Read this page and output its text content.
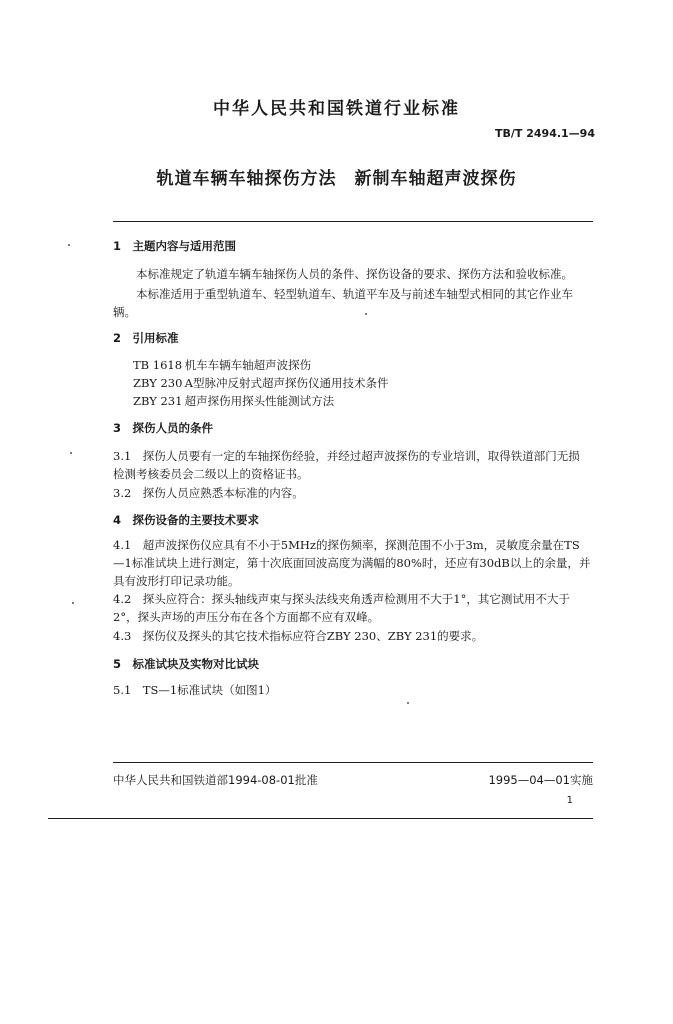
中华人民共和国铁道行业标准
TB/T 2494.1—94
轨道车辆车轴探伤方法　新制车轴超声波探伤
1　主题内容与适用范围
本标准规定了轨道车辆车轴探伤人员的条件、探伤设备的要求、探伤方法和验收标准。
本标准适用于重型轨道车、轻型轨道车、轨道平车及与前述车轴型式相同的其它作业车辆。
2　引用标准
TB 1618 机车车辆车轴超声波探伤
ZBY 230 A型脉冲反射式超声探伤仪通用技术条件
ZBY 231 超声探伤用探头性能测试方法
3　探伤人员的条件
3.1　探伤人员要有一定的车轴探伤经验，并经过超声波探伤的专业培训，取得铁道部门无损检测考核委员会二级以上的资格证书。
3.2　探伤人员应熟悉本标准的内容。
4　探伤设备的主要技术要求
4.1　超声波探伤仪应具有不小于5MHz的探伤频率，探测范围不小于3m，灵敏度余量在TS—1标准试块上进行测定，第十次底面回波高度为满幅的80%时，还应有30dB以上的余量，并具有波形打印记录功能。
4.2　探头应符合：探头轴线声束与探头法线夹角透声检测用不大于1°，其它测试用不大于2°，探头声场的声压分布在各个方面都不应有双峰。
4.3　探伤仪及探头的其它技术指标应符合ZBY 230、ZBY 231的要求。
5　标准试块及实物对比试块
5.1　TS—1标准试块（如图1）
中华人民共和国铁道部1994-08-01批准	1995—04—01实施
1
